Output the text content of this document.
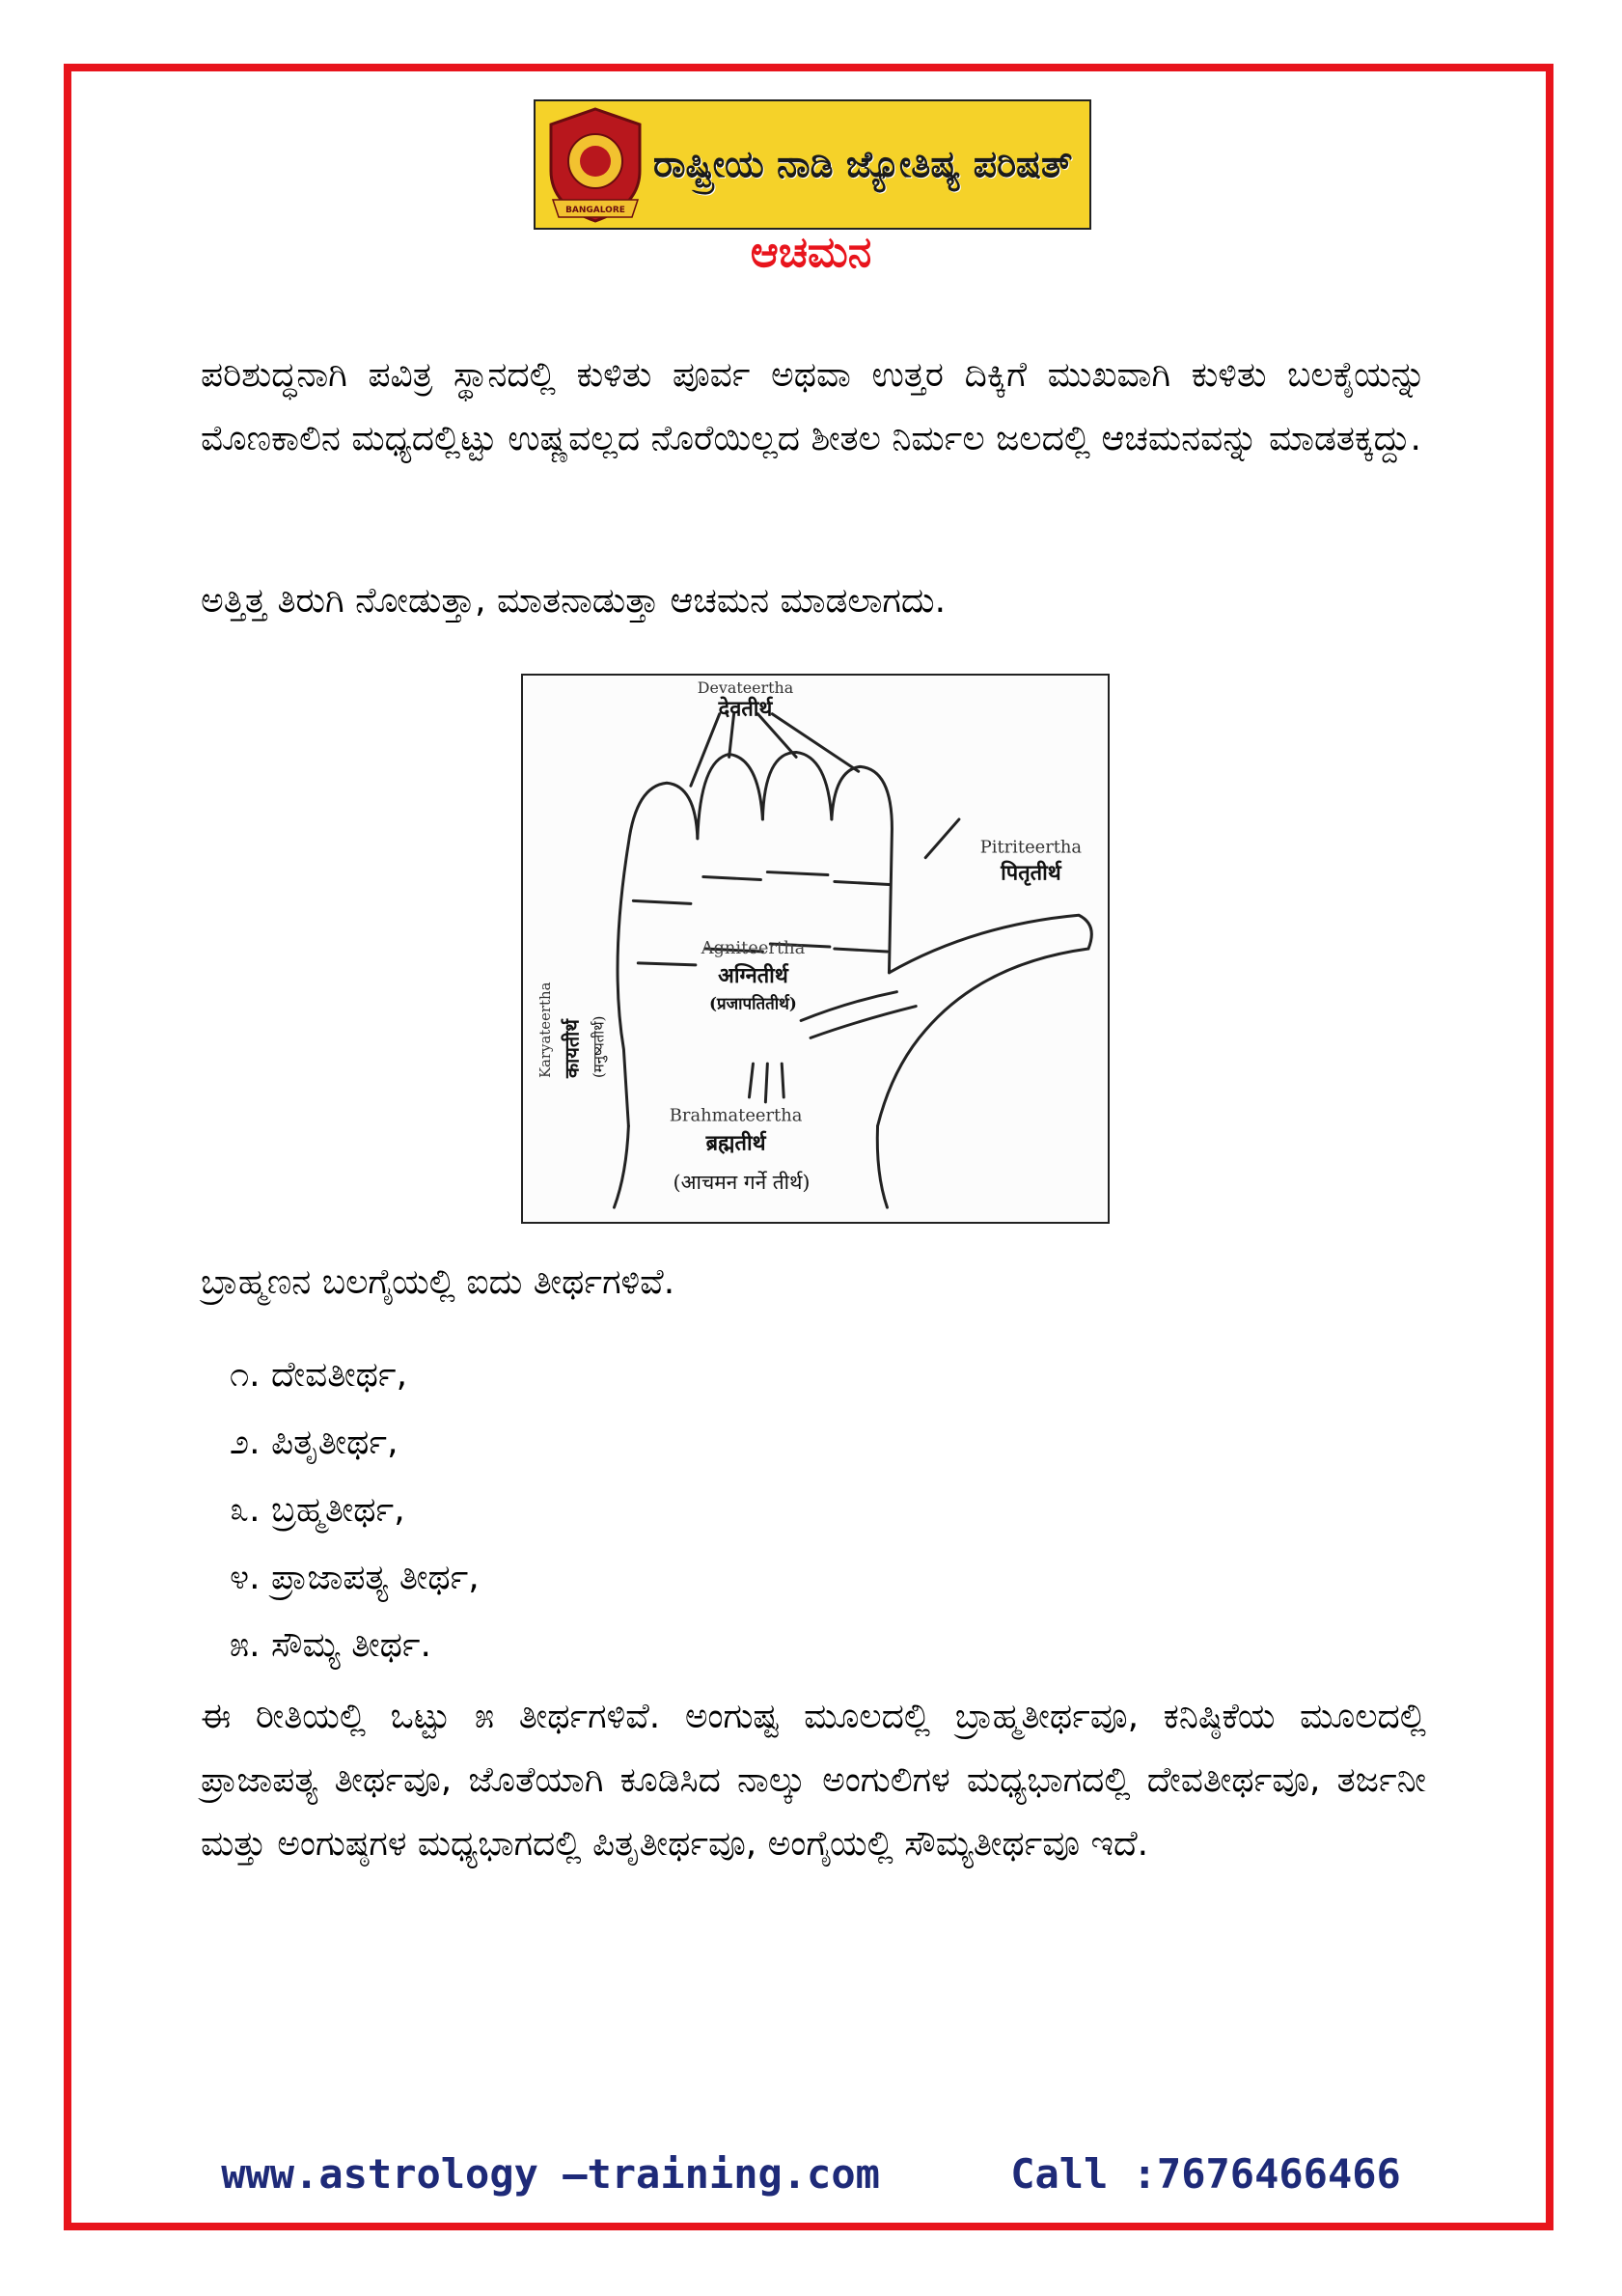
BANGALORE
ರಾಷ್ಟ್ರೀಯ ನಾಡಿ ಜ್ಯೋತಿಷ್ಯ ಪರಿಷತ್
ಆಚಮನ
ಪರಿಶುದ್ಧನಾಗಿ ಪವಿತ್ರ ಸ್ಥಾನದಲ್ಲಿ ಕುಳಿತು ಪೂರ್ವ ಅಥವಾ ಉತ್ತರ ದಿಕ್ಕಿಗೆ ಮುಖವಾಗಿ ಕುಳಿತು ಬಲಕೈಯನ್ನು ಮೊಣಕಾಲಿನ ಮಧ್ಯದಲ್ಲಿಟ್ಟು ಉಷ್ಣವಲ್ಲದ ನೊರೆಯಿಲ್ಲದ ಶೀತಲ ನಿರ್ಮಲ ಜಲದಲ್ಲಿ ಆಚಮನವನ್ನು ಮಾಡತಕ್ಕದ್ದು.
ಅತ್ತಿತ್ತ ತಿರುಗಿ ನೋಡುತ್ತಾ, ಮಾತನಾಡುತ್ತಾ ಆಚಮನ ಮಾಡಲಾಗದು.
Devateertha
देवतीर्थ
Pitriteertha
पितृतीर्थ
Agniteertha
अग्नितीर्थ
(प्रजापतितीर्थ)
Karyateertha कायतीर्थ (मनुष्यतीर्थ)
Brahmateertha
ब्रह्मतीर्थ
(आचमन गर्ने तीर्थ)
ಬ್ರಾಹ್ಮಣನ ಬಲಗೈಯಲ್ಲಿ ಐದು ತೀರ್ಥಗಳಿವೆ.
೧. ದೇವತೀರ್ಥ,
೨. ಪಿತೃತೀರ್ಥ,
೩. ಬ್ರಹ್ಮತೀರ್ಥ,
೪. ಪ್ರಾಜಾಪತ್ಯ ತೀರ್ಥ,
೫. ಸೌಮ್ಯ ತೀರ್ಥ.
ಈ ರೀತಿಯಲ್ಲಿ ಒಟ್ಟು ೫ ತೀರ್ಥಗಳಿವೆ. ಅಂಗುಷ್ಟ ಮೂಲದಲ್ಲಿ ಬ್ರಾಹ್ಮತೀರ್ಥವೂ, ಕನಿಷ್ಠಿಕೆಯ ಮೂಲದಲ್ಲಿ ಪ್ರಾಜಾಪತ್ಯ ತೀರ್ಥವೂ, ಜೊತೆಯಾಗಿ ಕೂಡಿಸಿದ ನಾಲ್ಕು ಅಂಗುಲಿಗಳ ಮಧ್ಯಭಾಗದಲ್ಲಿ ದೇವತೀರ್ಥವೂ, ತರ್ಜನೀ ಮತ್ತು ಅಂಗುಷ್ಠಗಳ ಮಧ್ಯಭಾಗದಲ್ಲಿ ಪಿತೃತೀರ್ಥವೂ, ಅಂಗೈಯಲ್ಲಿ ಸೌಮ್ಯತೀರ್ಥವೂ ಇದೆ.
www.astrology –training.com	Call :7676466466
